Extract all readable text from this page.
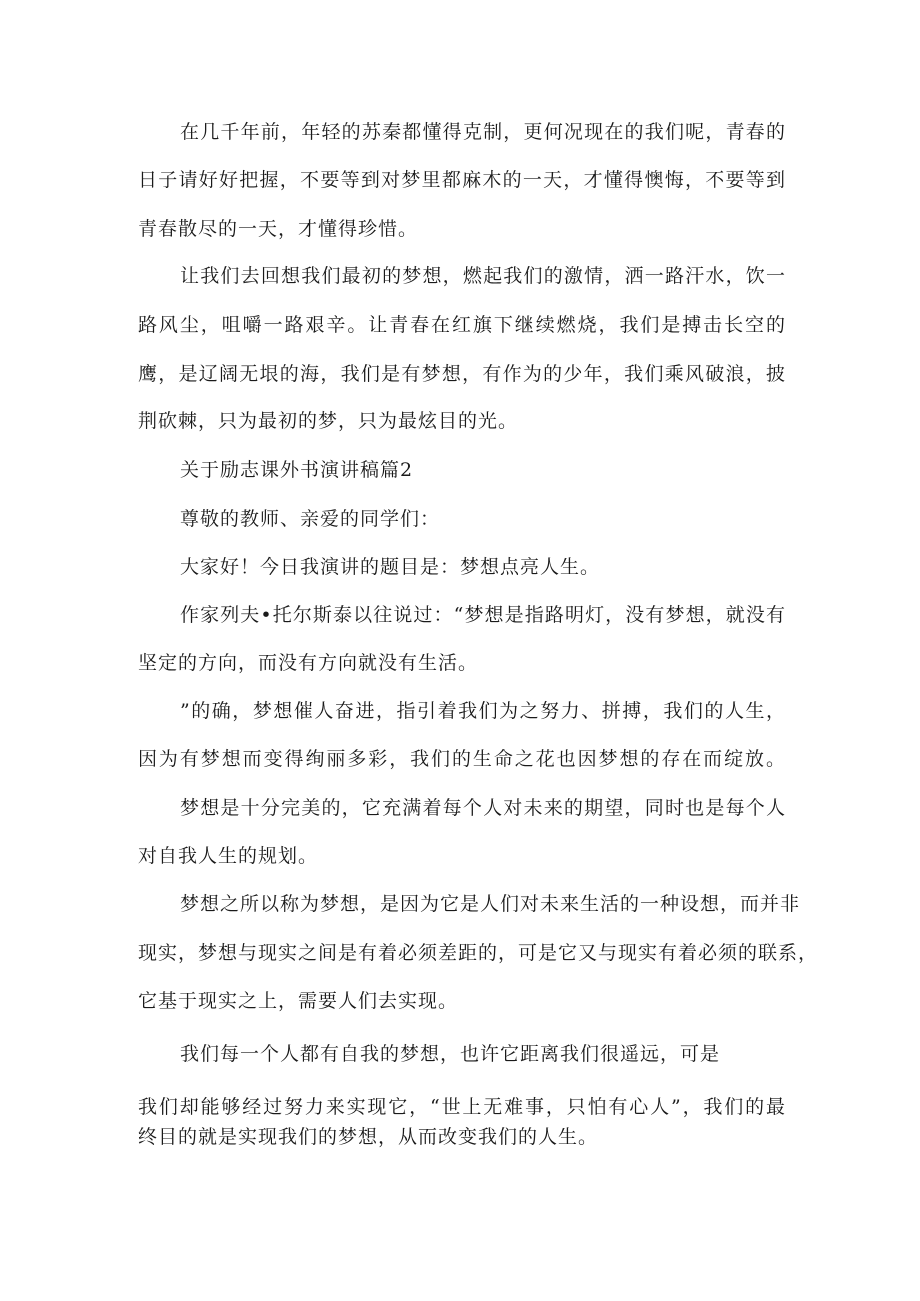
在几千年前，年轻的苏秦都懂得克制，更何况现在的我们呢，青春的
日子请好好把握，不要等到对梦里都麻木的一天，才懂得懊悔，不要等到
青春散尽的一天，才懂得珍惜。
让我们去回想我们最初的梦想，燃起我们的激情，洒一路汗水，饮一
路风尘，咀嚼一路艰辛。让青春在红旗下继续燃烧，我们是搏击长空的
鹰，是辽阔无垠的海，我们是有梦想，有作为的少年，我们乘风破浪，披
荆砍棘，只为最初的梦，只为最炫目的光。
关于励志课外书演讲稿篇2
尊敬的教师、亲爱的同学们：
大家好！今日我演讲的题目是：梦想点亮人生。
作家列夫•托尔斯泰以往说过：“梦想是指路明灯，没有梦想，就没有
坚定的方向，而没有方向就没有生活。
”的确，梦想催人奋进，指引着我们为之努力、拼搏，我们的人生，
因为有梦想而变得绚丽多彩，我们的生命之花也因梦想的存在而绽放。
梦想是十分完美的，它充满着每个人对未来的期望，同时也是每个人
对自我人生的规划。
梦想之所以称为梦想，是因为它是人们对未来生活的一种设想，而并非
现实，梦想与现实之间是有着必须差距的，可是它又与现实有着必须的联系，
它基于现实之上，需要人们去实现。
我们每一个人都有自我的梦想，也许它距离我们很遥远，可是
我们却能够经过努力来实现它，“世上无难事，只怕有心人”，我们的最
终目的就是实现我们的梦想，从而改变我们的人生。
